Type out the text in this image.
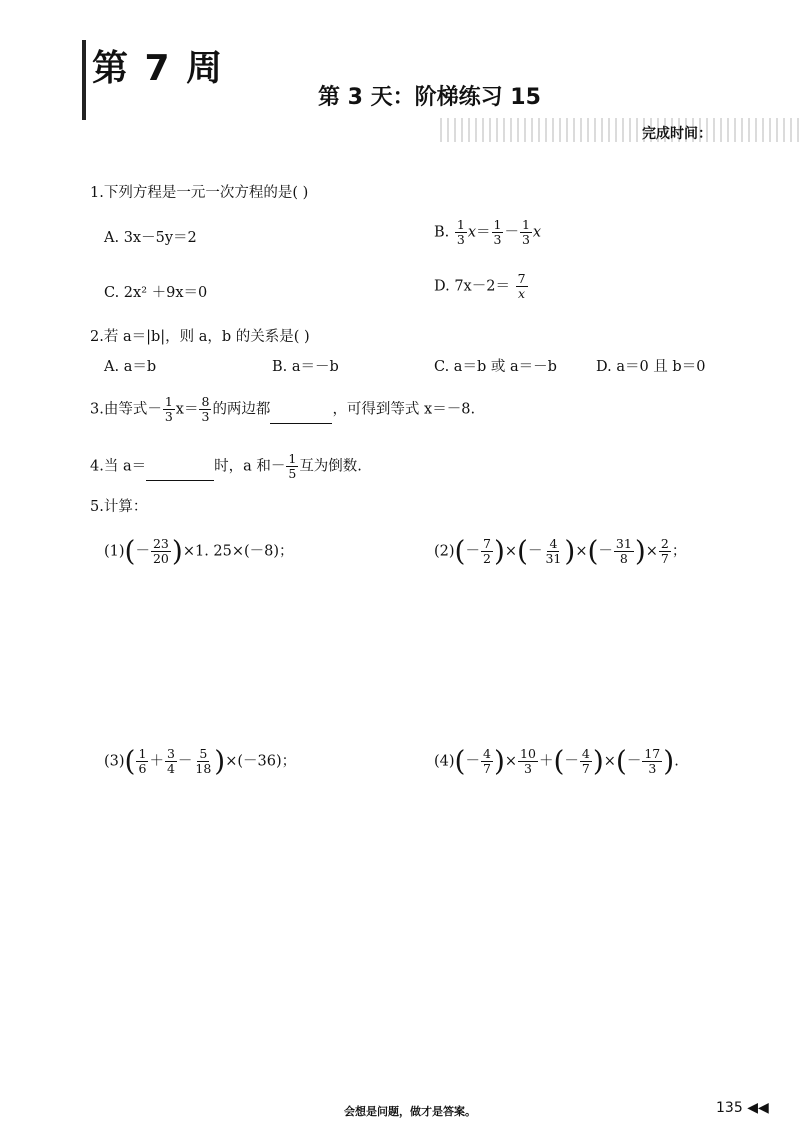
第 7 周
第 3 天：阶梯练习 15
完成时间：
1.下列方程是一元一次方程的是( )
A. 3x－5y＝2	B. $\frac{1}{3} x= \frac{1}{3} - \frac{1}{3}$ x
C. 2x² ＋9x＝0	D. $7x-2= \frac{7}{x}$
2.若 a＝|b|，则 a，b 的关系是( )
A. a＝b	B. a＝－b	C. a＝b 或 a＝－b	D. a＝0 且 b＝0
3.由等式－ $\frac{1}{3} x= \frac{8}{3}$ 的两边都	，可得到等式 x＝－8.
4.当 a＝	时，a 和－ $\frac{1}{5}$ 互为倒数.
5.计算：
$(1)(- \frac{23}{20} )\times 1$. 25×(－8)；	$(2)(- \frac{7}{2}$ )×(－ $\frac{4}{31}$ )×(－ $\frac{31}{8}$ )× $\frac{2}{7}$ ；
$(3)( \frac{1}{6} + \frac{3}{4} - \frac{5}{18} )\times(-36)$；	$(4)(- \frac{4}{7}$ )× $\frac{10}{3}$ ＋(－ $\frac{4}{7}$ )×(－ $\frac{17}{3}$ ).
会想是问题，做才是答案。	135 ◀◀
